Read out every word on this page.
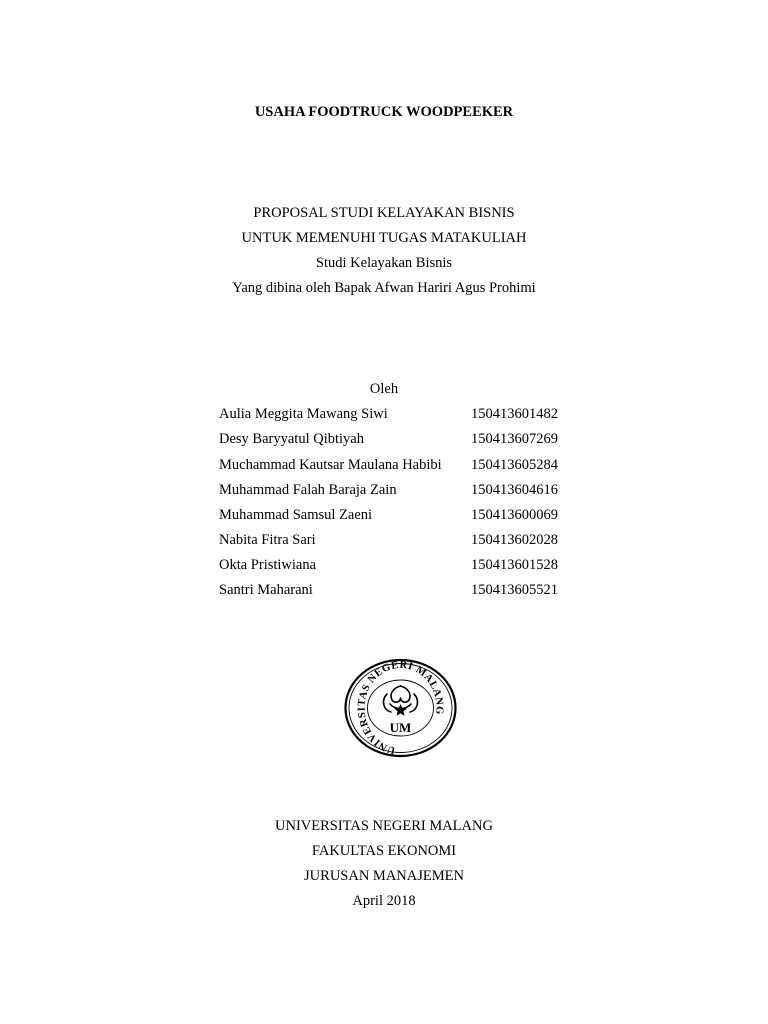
USAHA FOODTRUCK WOODPEEKER
PROPOSAL STUDI KELAYAKAN BISNIS
UNTUK MEMENUHI TUGAS MATAKULIAH
Studi Kelayakan Bisnis
Yang dibina oleh Bapak Afwan Hariri Agus Prohimi
Oleh
Aulia Meggita Mawang Siwi	150413601482
Desy Baryyatul Qibtiyah	150413607269
Muchammad Kautsar Maulana Habibi 150413605284
Muhammad Falah Baraja Zain	150413604616
Muhammad Samsul Zaeni	150413600069
Nabita Fitra Sari	150413602028
Okta Pristiwiana	150413601528
Santri Maharani	150413605521
UNIVERSITAS NEGERI MALANG
UM
UNIVERSITAS NEGERI MALANG
FAKULTAS EKONOMI
JURUSAN MANAJEMEN
April 2018
